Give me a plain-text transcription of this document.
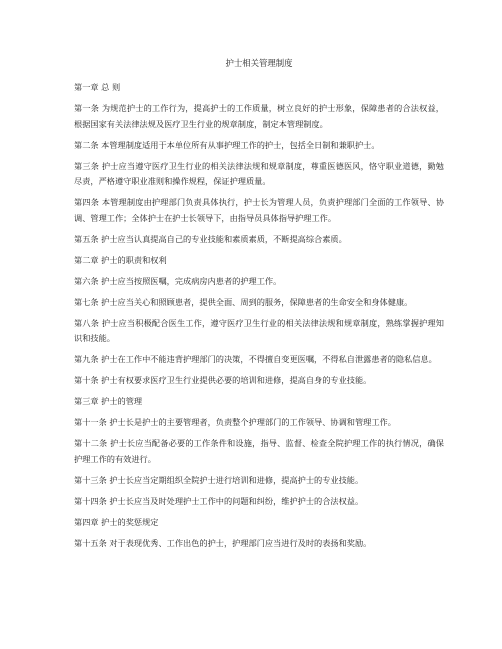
护士相关管理制度
第一章 总 则
第一条 为规范护士的工作行为，提高护士的工作质量，树立良好的护士形象，保障患者的合法权益，根据国家有关法律法规及医疗卫生行业的规章制度，制定本管理制度。
第二条 本管理制度适用于本单位所有从事护理工作的护士，包括全日制和兼职护士。
第三条 护士应当遵守医疗卫生行业的相关法律法规和规章制度，尊重医德医风，恪守职业道德，勤勉尽责，严格遵守职业准则和操作规程，保证护理质量。
第四条 本管理制度由护理部门负责具体执行，护士长为管理人员，负责护理部门全面的工作领导、协调、管理工作；全体护士在护士长领导下，由指导员具体指导护理工作。
第五条 护士应当认真提高自己的专业技能和素质素质，不断提高综合素质。
第二章 护士的职责和权利
第六条 护士应当按照医嘱，完成病房内患者的护理工作。
第七条 护士应当关心和照顾患者，提供全面、周到的服务，保障患者的生命安全和身体健康。
第八条 护士应当积极配合医生工作，遵守医疗卫生行业的相关法律法规和规章制度，熟练掌握护理知识和技能。
第九条 护士在工作中不能违背护理部门的决策，不得擅自变更医嘱，不得私自泄露患者的隐私信息。
第十条 护士有权要求医疗卫生行业提供必要的培训和进修，提高自身的专业技能。
第三章 护士的管理
第十一条 护士长是护士的主要管理者，负责整个护理部门的工作领导、协调和管理工作。
第十二条 护士长应当配备必要的工作条件和设施，指导、监督、检查全院护理工作的执行情况，确保护理工作的有效进行。
第十三条 护士长应当定期组织全院护士进行培训和进修，提高护士的专业技能。
第十四条 护士长应当及时处理护士工作中的问题和纠纷，维护护士的合法权益。
第四章 护士的奖惩规定
第十五条 对于表现优秀、工作出色的护士，护理部门应当进行及时的表扬和奖励。
